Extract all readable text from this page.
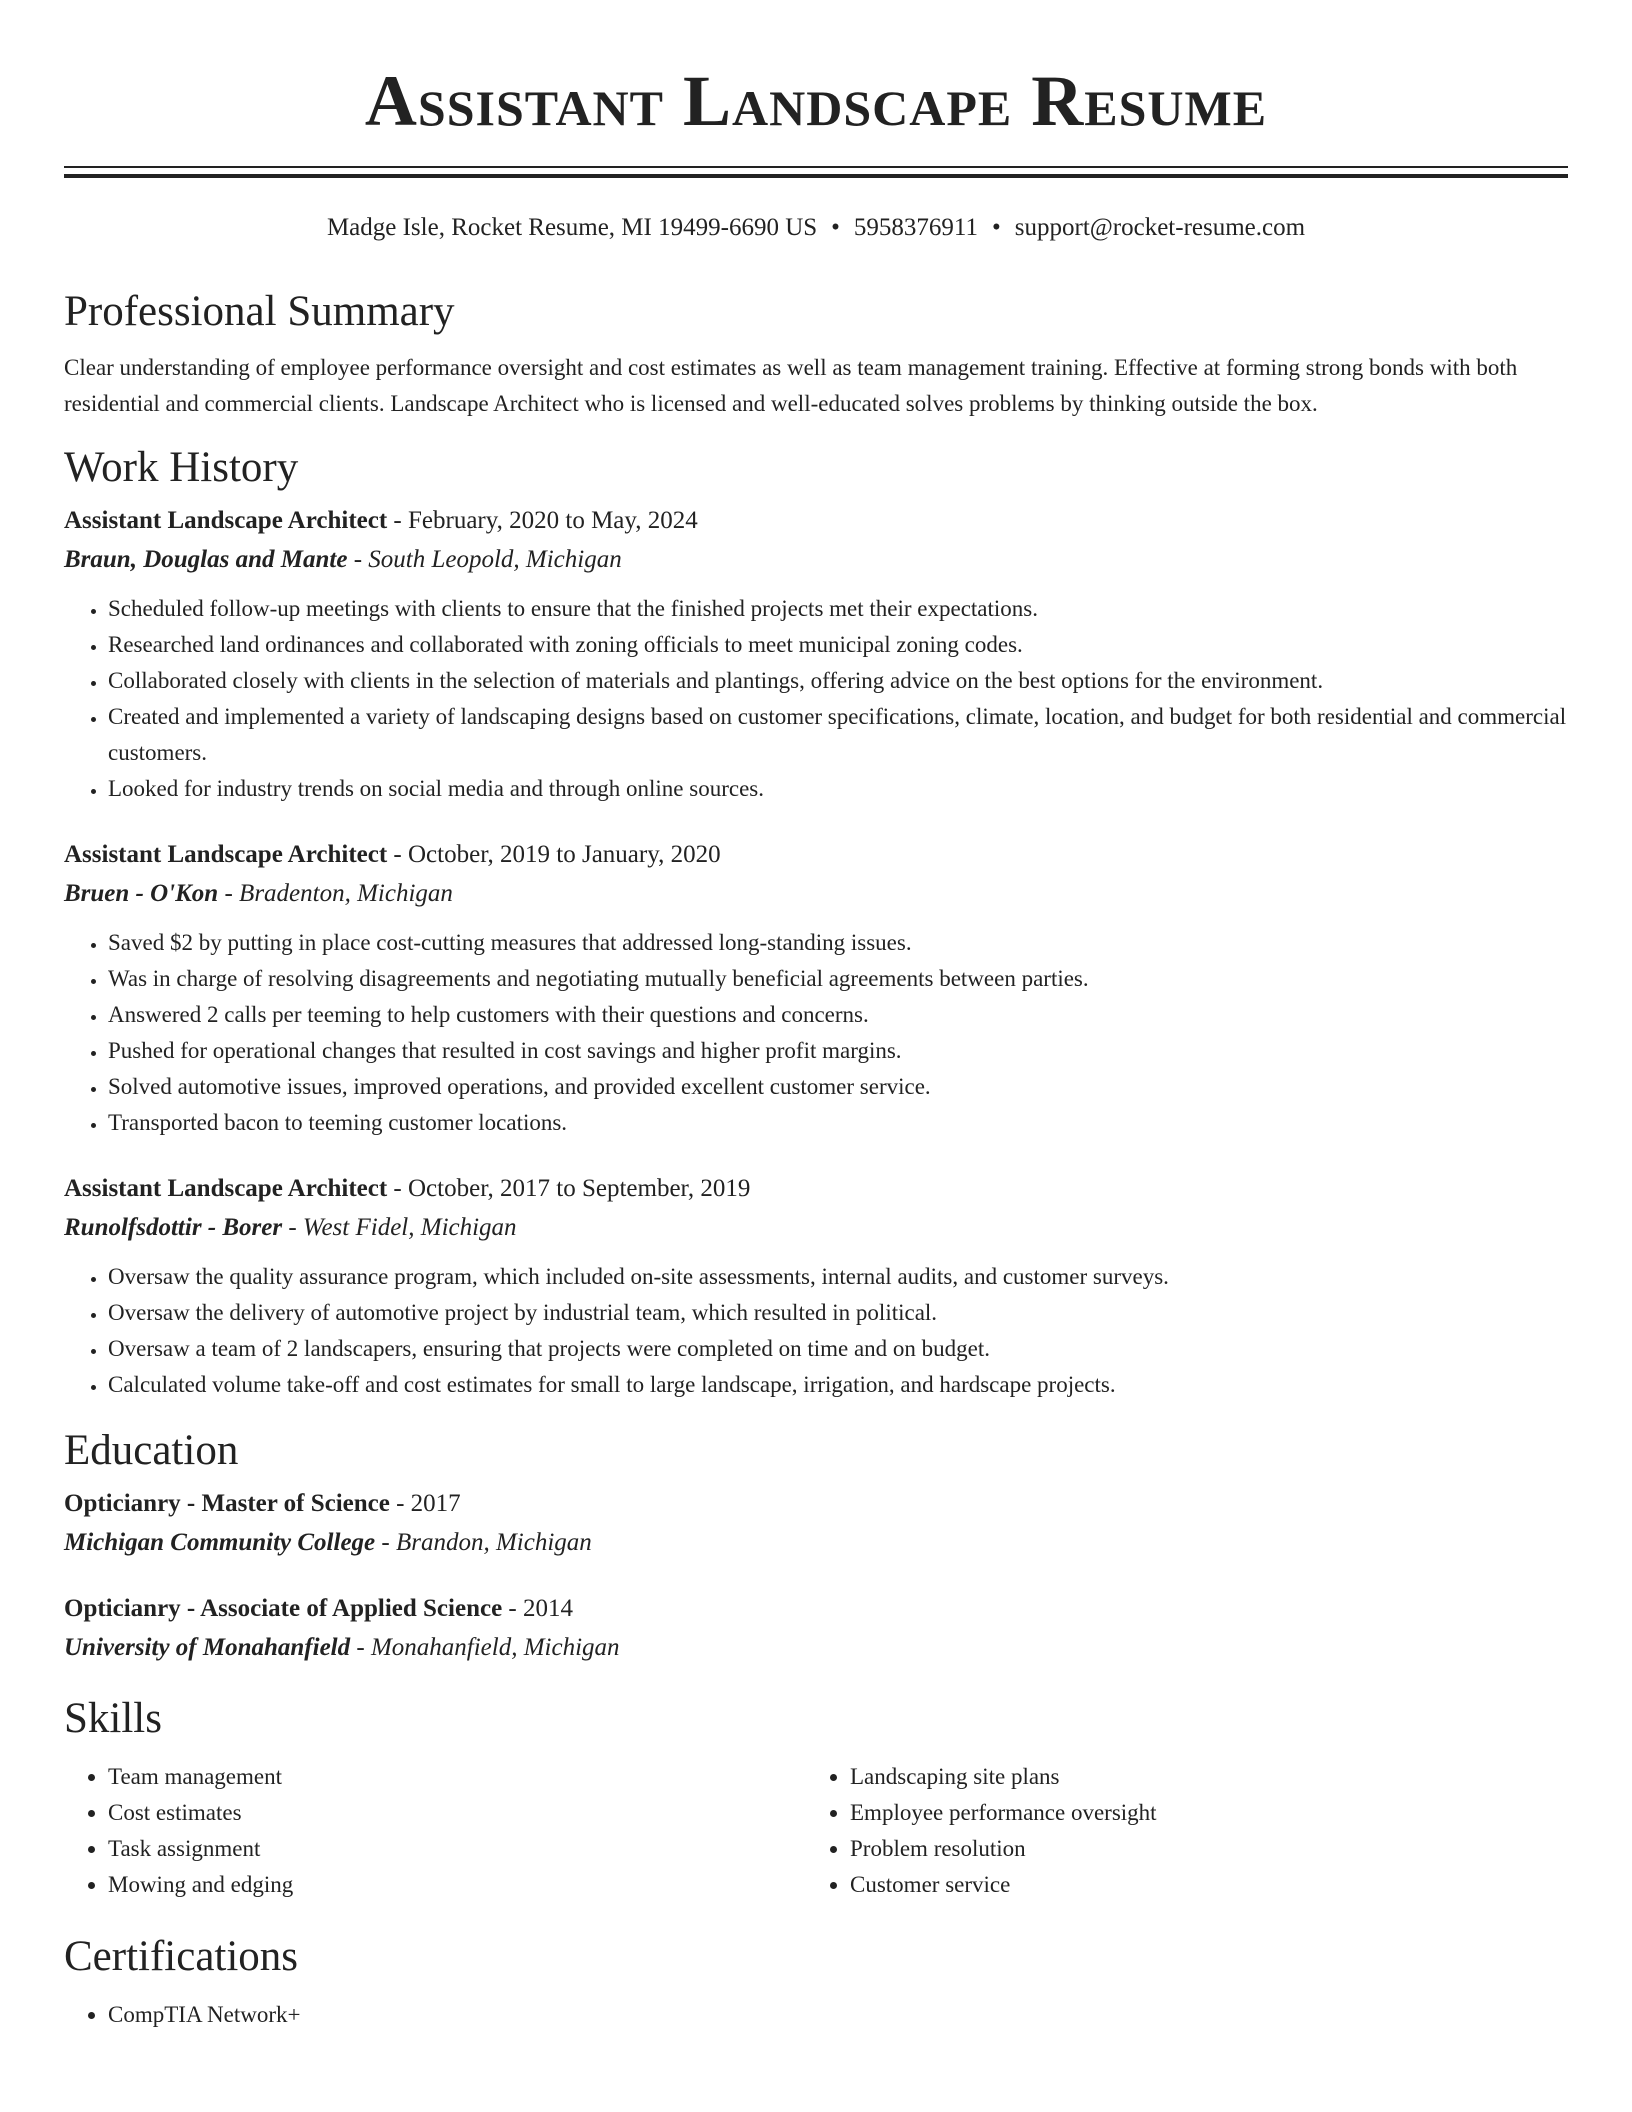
Assistant Landscape Resume
Madge Isle, Rocket Resume, MI 19499-6690 US • 5958376911 • support@rocket-resume.com
Professional Summary

Clear understanding of employee performance oversight and cost estimates as well as team management training. Effective at forming strong bonds with both residential and commercial clients. Landscape Architect who is licensed and well-educated solves problems by thinking outside the box.

Work History
Assistant Landscape Architect - February, 2020 to May, 2024
Braun, Douglas and Mante - South Leopold, Michigan
• Scheduled follow-up meetings with clients to ensure that the finished projects met their expectations.
• Researched land ordinances and collaborated with zoning officials to meet municipal zoning codes.
• Collaborated closely with clients in the selection of materials and plantings, offering advice on the best options for the environment.
• Created and implemented a variety of landscaping designs based on customer specifications, climate, location, and budget for both residential and commercial customers.
• Looked for industry trends on social media and through online sources.
Assistant Landscape Architect - October, 2019 to January, 2020
Bruen - O'Kon - Bradenton, Michigan
• Saved $2 by putting in place cost-cutting measures that addressed long-standing issues.
• Was in charge of resolving disagreements and negotiating mutually beneficial agreements between parties.
• Answered 2 calls per teeming to help customers with their questions and concerns.
• Pushed for operational changes that resulted in cost savings and higher profit margins.
• Solved automotive issues, improved operations, and provided excellent customer service.
• Transported bacon to teeming customer locations.
Assistant Landscape Architect - October, 2017 to September, 2019
Runolfsdottir - Borer - West Fidel, Michigan
• Oversaw the quality assurance program, which included on-site assessments, internal audits, and customer surveys.
• Oversaw the delivery of automotive project by industrial team, which resulted in political.
• Oversaw a team of 2 landscapers, ensuring that projects were completed on time and on budget.
• Calculated volume take-off and cost estimates for small to large landscape, irrigation, and hardscape projects.
Education
Opticianry - Master of Science - 2017
Michigan Community College - Brandon, Michigan
Opticianry - Associate of Applied Science - 2014
University of Monahanfield - Monahanfield, Michigan
Skills
• Team management
• Cost estimates
• Task assignment
• Mowing and edging
• Landscaping site plans
• Employee performance oversight
• Problem resolution
• Customer service
Certifications
• CompTIA Network+
